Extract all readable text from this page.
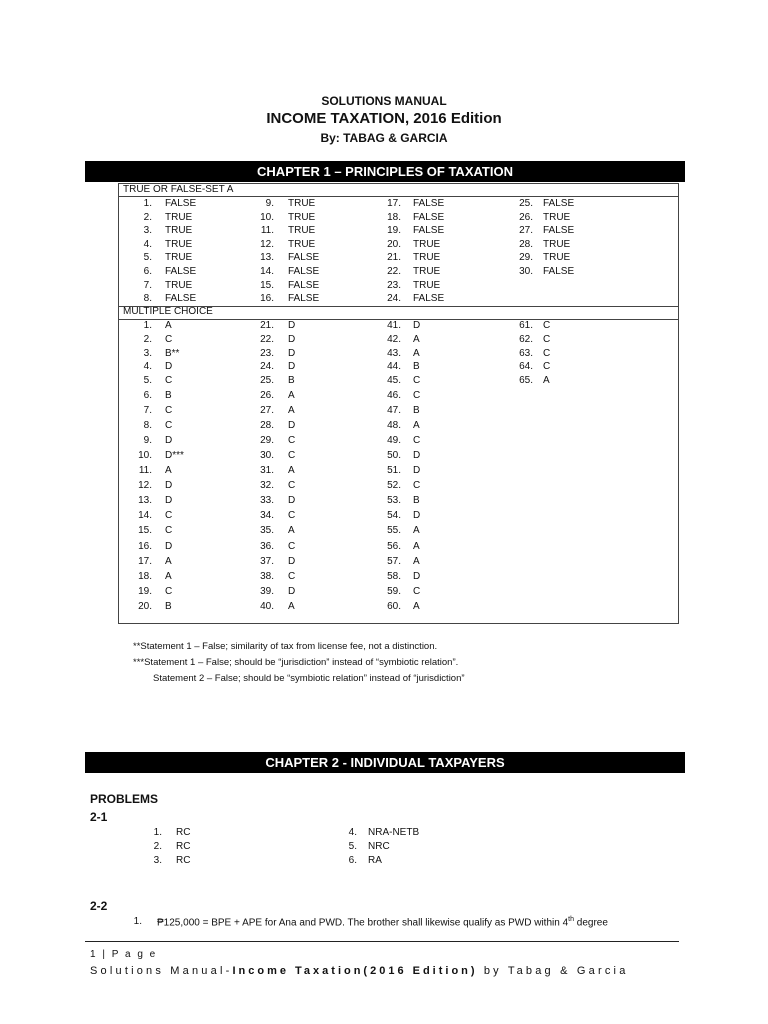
SOLUTIONS MANUAL
INCOME TAXATION, 2016 Edition
By: TABAG & GARCIA
CHAPTER 1 – PRINCIPLES OF TAXATION
TRUE OR FALSE-SET A
MULTIPLE CHOICE
1. FALSE
2. TRUE
3. TRUE
4. TRUE
5. TRUE
6. FALSE
7. TRUE
8. FALSE
9. TRUE
10. TRUE
11. TRUE
12. TRUE
13. FALSE
14. FALSE
15. FALSE
16. FALSE
17. FALSE
18. FALSE
19. FALSE
20. TRUE
21. TRUE
22. TRUE
23. TRUE
24. FALSE
25. FALSE
26. TRUE
27. FALSE
28. TRUE
29. TRUE
30. FALSE
1. A
2. C
3. B**
4. D
5. C
6. B
7. C
8. C
9. D
10. D***
11. A
12. D
13. D
14. C
15. C
16. D
17. A
18. A
19. C
20. B
21. D
22. D
23. D
24. D
25. B
26. A
27. A
28. D
29. C
30. C
31. A
32. C
33. D
34. C
35. A
36. C
37. D
38. C
39. D
40. A
41. D
42. A
43. A
44. B
45. C
46. C
47. B
48. A
49. C
50. D
51. D
52. C
53. B
54. D
55. A
56. A
57. A
58. D
59. C
60. A
61. C
62. C
63. C
64. C
65. A
**Statement 1 – False; similarity of tax from license fee, not a distinction.
***Statement 1 – False; should be “jurisdiction” instead of “symbiotic relation”.
Statement 2 – False; should be “symbiotic relation” instead of “jurisdiction”
CHAPTER 2 - INDIVIDUAL TAXPAYERS
PROBLEMS
2-1
1. RC
2. RC
3. RC
4. NRA-NETB
5. NRC
6. RA
2-2
1. ₱125,000 = BPE + APE for Ana and PWD. The brother shall likewise qualify as PWD within 4th degree
1 | P a g e
Solutions Manual-Income Taxation(2016 Edition) by Tabag & Garcia
